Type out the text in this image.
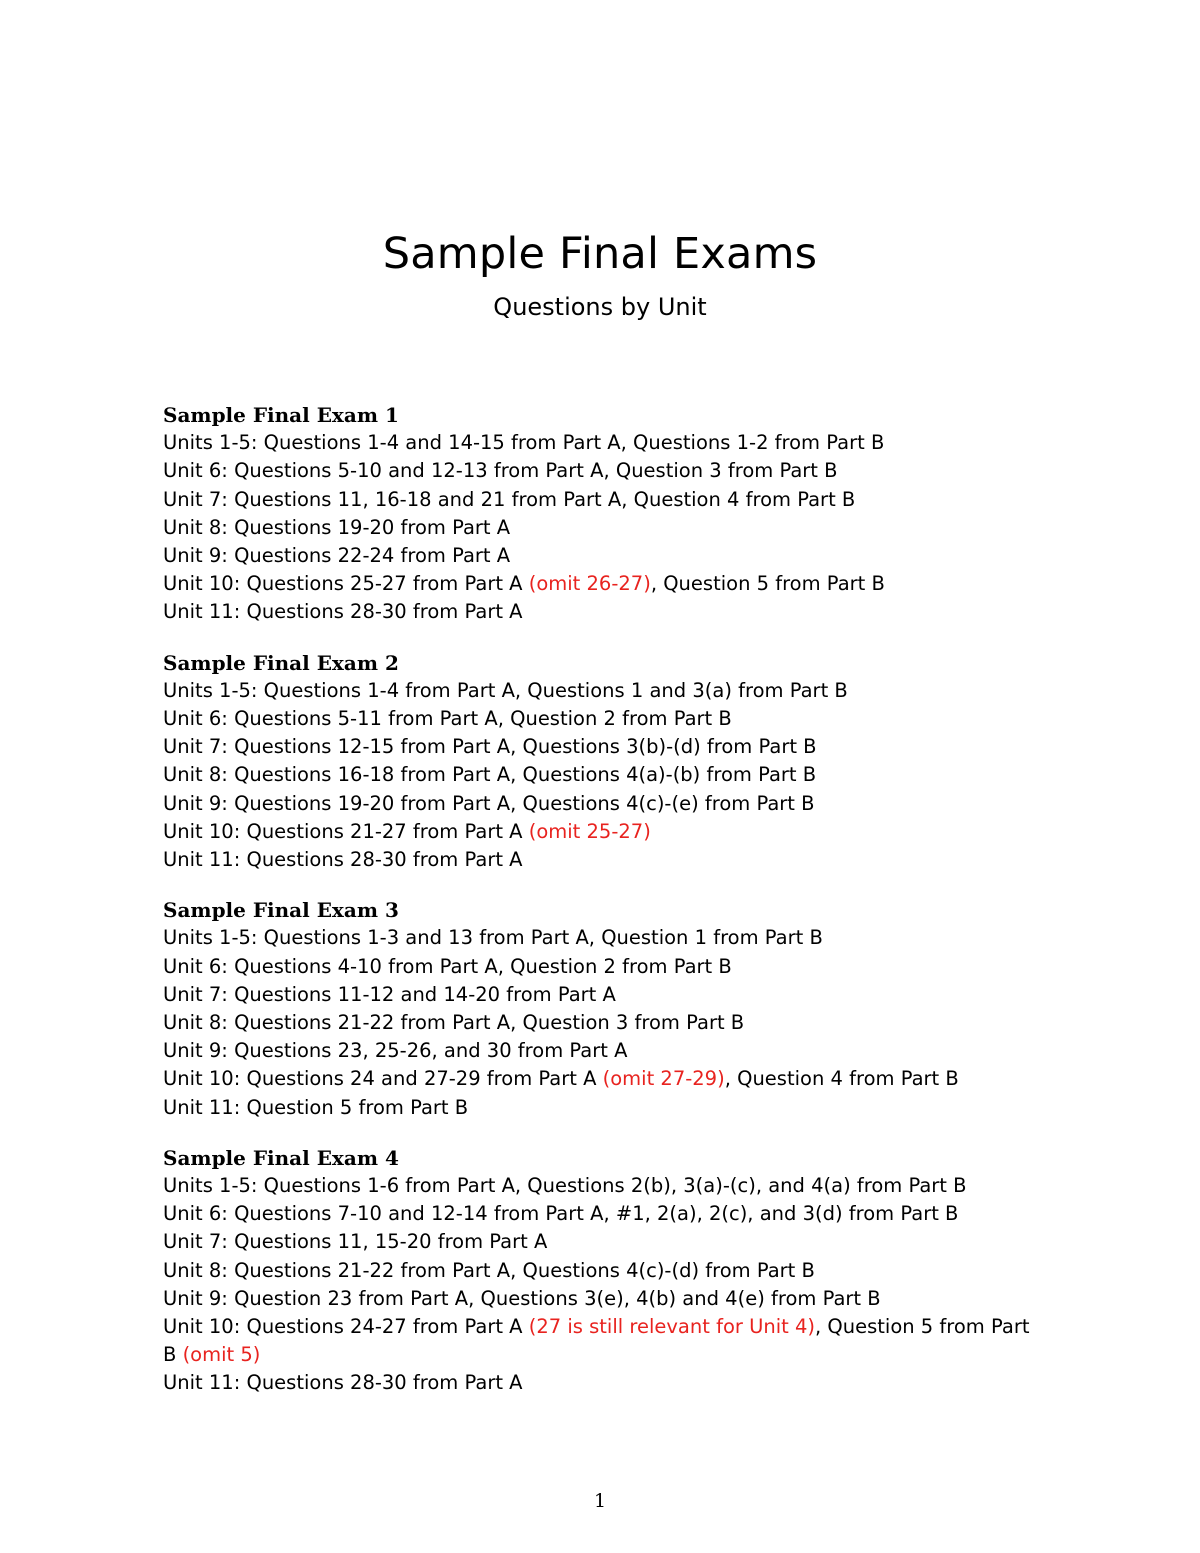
Sample Final Exams
Questions by Unit
Sample Final Exam 1
Units 1-5: Questions 1-4 and 14-15 from Part A, Questions 1-2 from Part B
Unit 6: Questions 5-10 and 12-13 from Part A, Question 3 from Part B
Unit 7: Questions 11, 16-18 and 21 from Part A, Question 4 from Part B
Unit 8: Questions 19-20 from Part A
Unit 9: Questions 22-24 from Part A
Unit 10: Questions 25-27 from Part A (omit 26-27), Question 5 from Part B
Unit 11: Questions 28-30 from Part A
Sample Final Exam 2
Units 1-5: Questions 1-4 from Part A, Questions 1 and 3(a) from Part B
Unit 6: Questions 5-11 from Part A, Question 2 from Part B
Unit 7: Questions 12-15 from Part A, Questions 3(b)-(d) from Part B
Unit 8: Questions 16-18 from Part A, Questions 4(a)-(b) from Part B
Unit 9: Questions 19-20 from Part A, Questions 4(c)-(e) from Part B
Unit 10: Questions 21-27 from Part A (omit 25-27)
Unit 11: Questions 28-30 from Part A
Sample Final Exam 3
Units 1-5: Questions 1-3 and 13 from Part A, Question 1 from Part B
Unit 6: Questions 4-10 from Part A, Question 2 from Part B
Unit 7: Questions 11-12 and 14-20 from Part A
Unit 8: Questions 21-22 from Part A, Question 3 from Part B
Unit 9: Questions 23, 25-26, and 30 from Part A
Unit 10: Questions 24 and 27-29 from Part A (omit 27-29), Question 4 from Part B
Unit 11: Question 5 from Part B
Sample Final Exam 4
Units 1-5: Questions 1-6 from Part A, Questions 2(b), 3(a)-(c), and 4(a) from Part B
Unit 6: Questions 7-10 and 12-14 from Part A, #1, 2(a), 2(c), and 3(d) from Part B
Unit 7: Questions 11, 15-20 from Part A
Unit 8: Questions 21-22 from Part A, Questions 4(c)-(d) from Part B
Unit 9: Question 23 from Part A, Questions 3(e), 4(b) and 4(e) from Part B
Unit 10: Questions 24-27 from Part A (27 is still relevant for Unit 4), Question 5 from Part B (omit 5)
Unit 11: Questions 28-30 from Part A
1
